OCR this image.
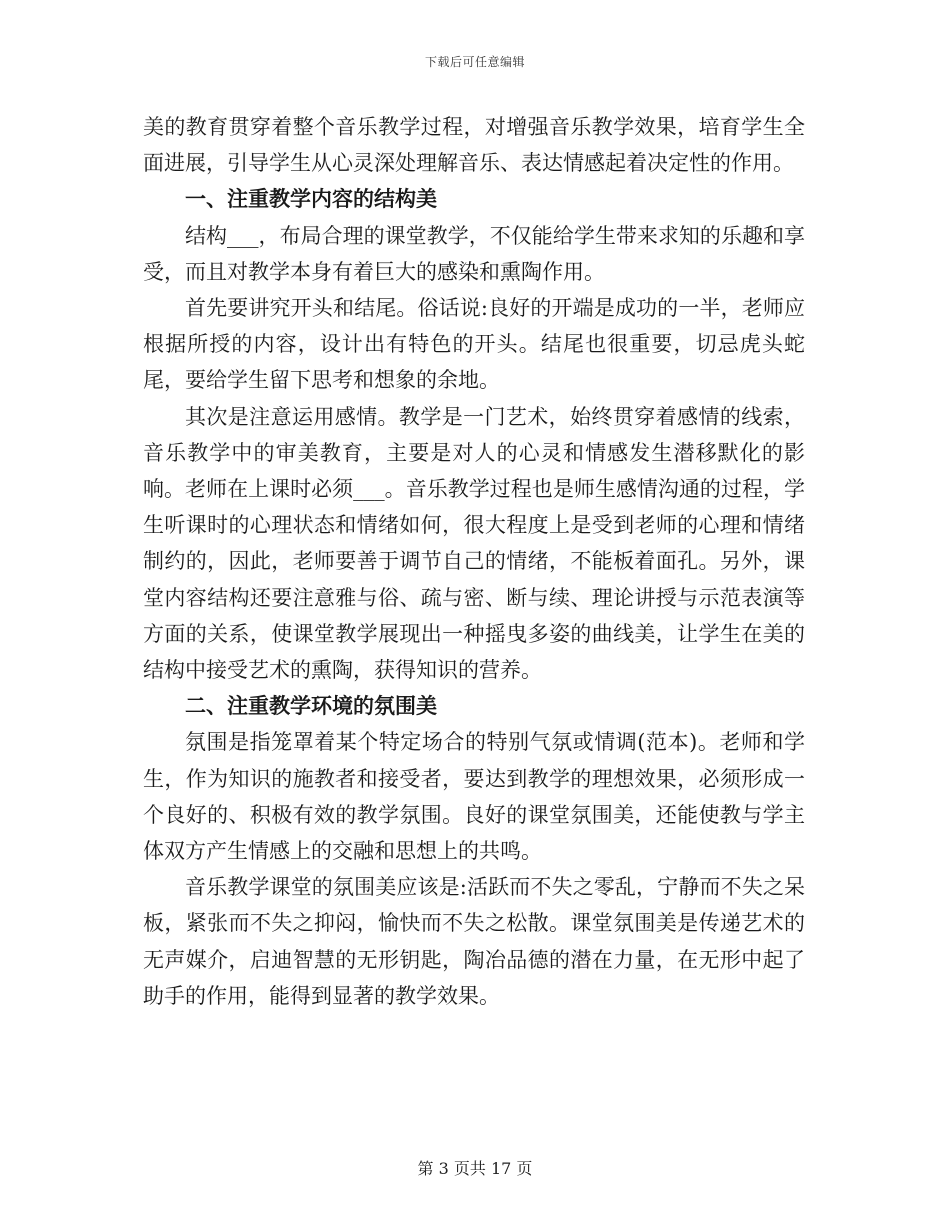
下载后可任意编辑

美的教育贯穿着整个音乐教学过程，对增强音乐教学效果，培育学生全面进展，引导学生从心灵深处理解音乐、表达情感起着决定性的作用。

一、注重教学内容的结构美

结构___，布局合理的课堂教学，不仅能给学生带来求知的乐趣和享受，而且对教学本身有着巨大的感染和熏陶作用。

首先要讲究开头和结尾。俗话说:良好的开端是成功的一半，老师应根据所授的内容，设计出有特色的开头。结尾也很重要，切忌虎头蛇尾，要给学生留下思考和想象的余地。

其次是注意运用感情。教学是一门艺术，始终贯穿着感情的线索，音乐教学中的审美教育，主要是对人的心灵和情感发生潜移默化的影响。老师在上课时必须___。音乐教学过程也是师生感情沟通的过程，学生听课时的心理状态和情绪如何，很大程度上是受到老师的心理和情绪制约的，因此，老师要善于调节自己的情绪，不能板着面孔。另外，课堂内容结构还要注意雅与俗、疏与密、断与续、理论讲授与示范表演等方面的关系，使课堂教学展现出一种摇曳多姿的曲线美，让学生在美的结构中接受艺术的熏陶，获得知识的营养。

二、注重教学环境的氛围美

氛围是指笼罩着某个特定场合的特别气氛或情调(范本)。老师和学生，作为知识的施教者和接受者，要达到教学的理想效果，必须形成一个良好的、积极有效的教学氛围。良好的课堂氛围美，还能使教与学主体双方产生情感上的交融和思想上的共鸣。

音乐教学课堂的氛围美应该是:活跃而不失之零乱，宁静而不失之呆板，紧张而不失之抑闷，愉快而不失之松散。课堂氛围美是传递艺术的无声媒介，启迪智慧的无形钥匙，陶冶品德的潜在力量，在无形中起了助手的作用，能得到显著的教学效果。

第 3 页共 17 页
